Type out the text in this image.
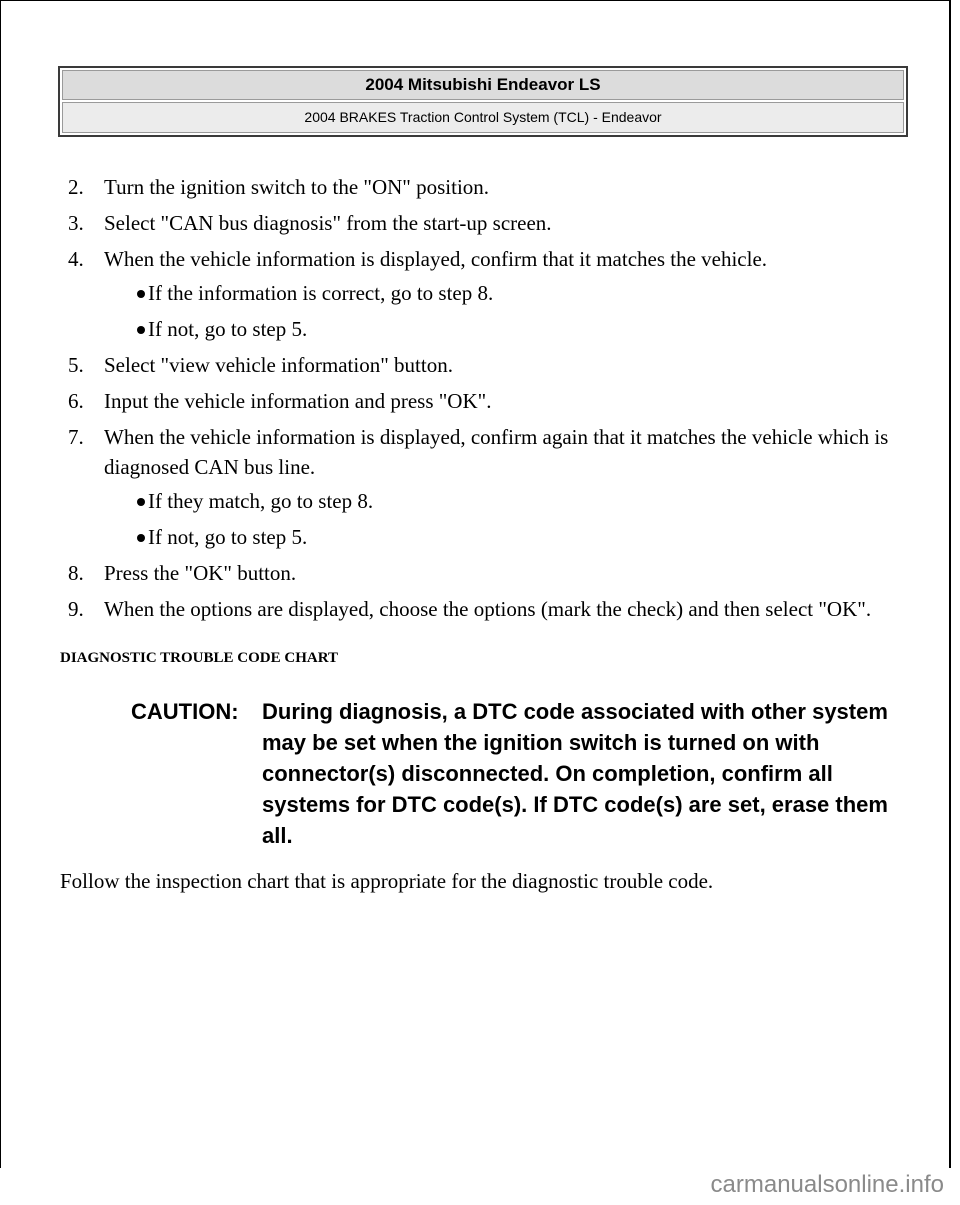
2004 Mitsubishi Endeavor LS
2004 BRAKES Traction Control System (TCL) - Endeavor
2. Turn the ignition switch to the "ON" position.
3. Select "CAN bus diagnosis" from the start-up screen.
4. When the vehicle information is displayed, confirm that it matches the vehicle.
If the information is correct, go to step 8.
If not, go to step 5.
5. Select "view vehicle information" button.
6. Input the vehicle information and press "OK".
7. When the vehicle information is displayed, confirm again that it matches the vehicle which is diagnosed CAN bus line.
If they match, go to step 8.
If not, go to step 5.
8. Press the "OK" button.
9. When the options are displayed, choose the options (mark the check) and then select "OK".
DIAGNOSTIC TROUBLE CODE CHART
CAUTION: During diagnosis, a DTC code associated with other system may be set when the ignition switch is turned on with connector(s) disconnected. On completion, confirm all systems for DTC code(s). If DTC code(s) are set, erase them all.
Follow the inspection chart that is appropriate for the diagnostic trouble code.
carmanualsonline.info
